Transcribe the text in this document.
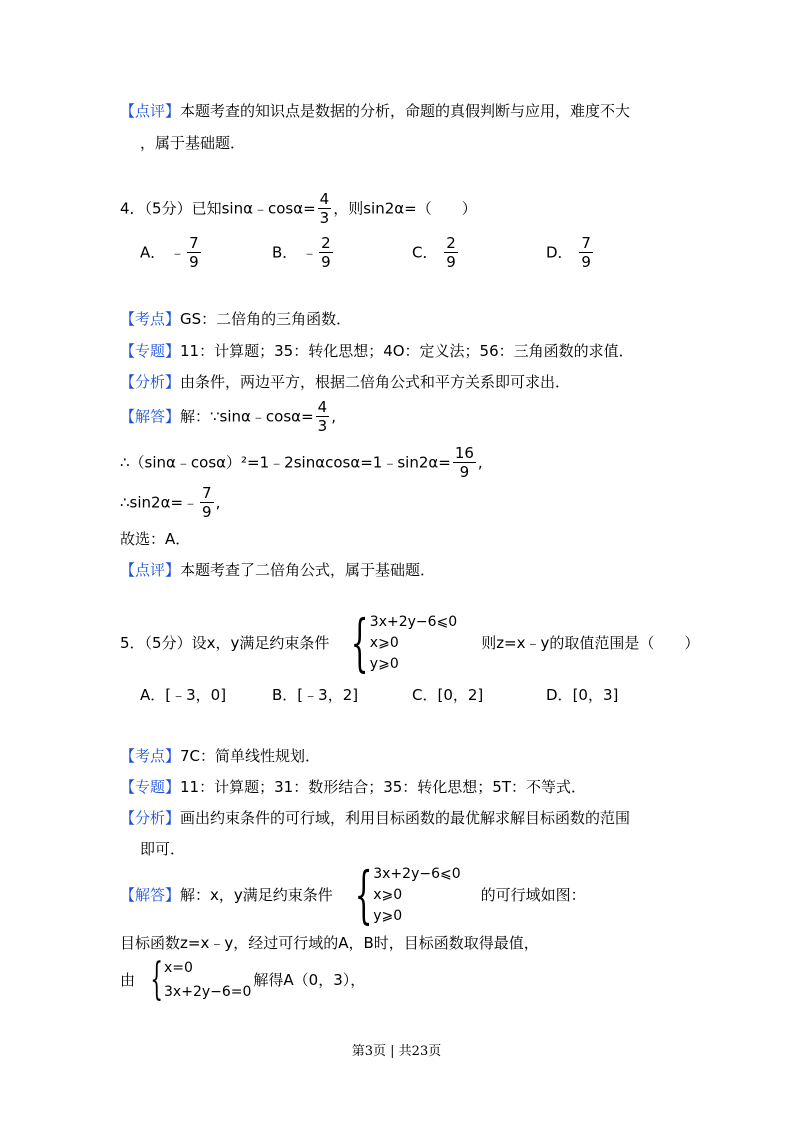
【点评】本题考查的知识点是数据的分析，命题的真假判断与应用，难度不大
，属于基础题．
4．（5分）已知sinα﹣cosα= $\frac{4}{3}$ ，则sin2α=（　　）
A． ﹣ $\frac{7}{9}$	B． ﹣ $\frac{2}{9}$	C． $\frac{2}{9}$	D． $\frac{7}{9}$
【考点】GS：二倍角的三角函数．
【专题】11：计算题；35：转化思想；4O：定义法；56：三角函数的求值．
【分析】由条件，两边平方，根据二倍角公式和平方关系即可求出．
【解答】解：∵sinα﹣cosα= $\frac{4}{3}$ ,
∴（sinα﹣cosα）²=1﹣2sinαcosα=1﹣sin2α= $\frac{16}{9}$ ,
∴sin2α=﹣ $\frac{7}{9}$ ,
故选：A．
【点评】本题考查了二倍角公式，属于基础题．
5．（5分）设x，y满足约束条件 { 3x+2y−6⩽0
x⩾0
y⩾0
则z=x﹣y的取值范围是（　　）
A．[﹣3，0]	B．[﹣3，2]	C．[0，2]	D．[0，3]
【考点】7C：简单线性规划．
【专题】11：计算题；31：数形结合；35：转化思想；5T：不等式．
【分析】画出约束条件的可行域，利用目标函数的最优解求解目标函数的范围
即可．
【解答】解：x，y满足约束条件 { 3x+2y−6⩽0
x⩾0
y⩾0
的可行域如图：
目标函数z=x﹣y，经过可行域的A，B时，目标函数取得最值，
由 { x=0
3x+2y−6=0
解得A（0，3），
第3页 | 共23页
